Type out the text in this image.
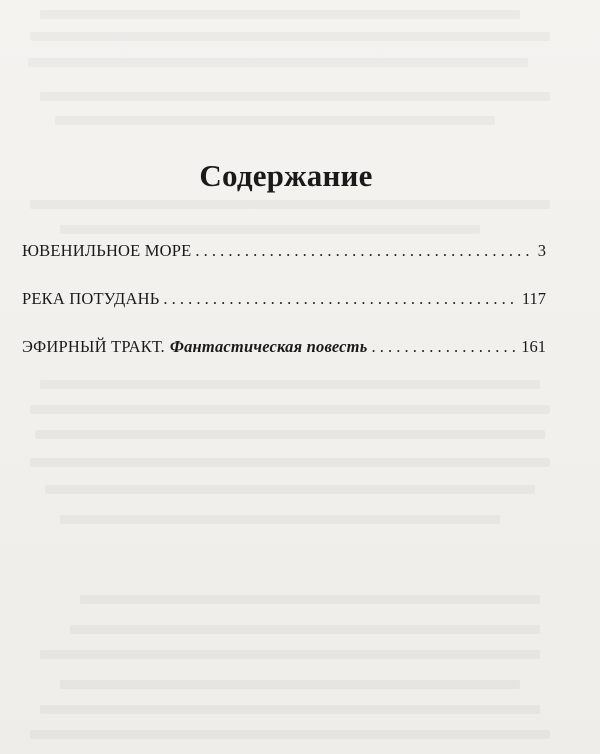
Содержание
ЮВЕНИЛЬНОЕ МОРЕ . . .	3
РЕКА ПОТУДАНЬ . . .	117
ЭФИРНЫЙ ТРАКТ. Фантастическая повесть . . .	161
